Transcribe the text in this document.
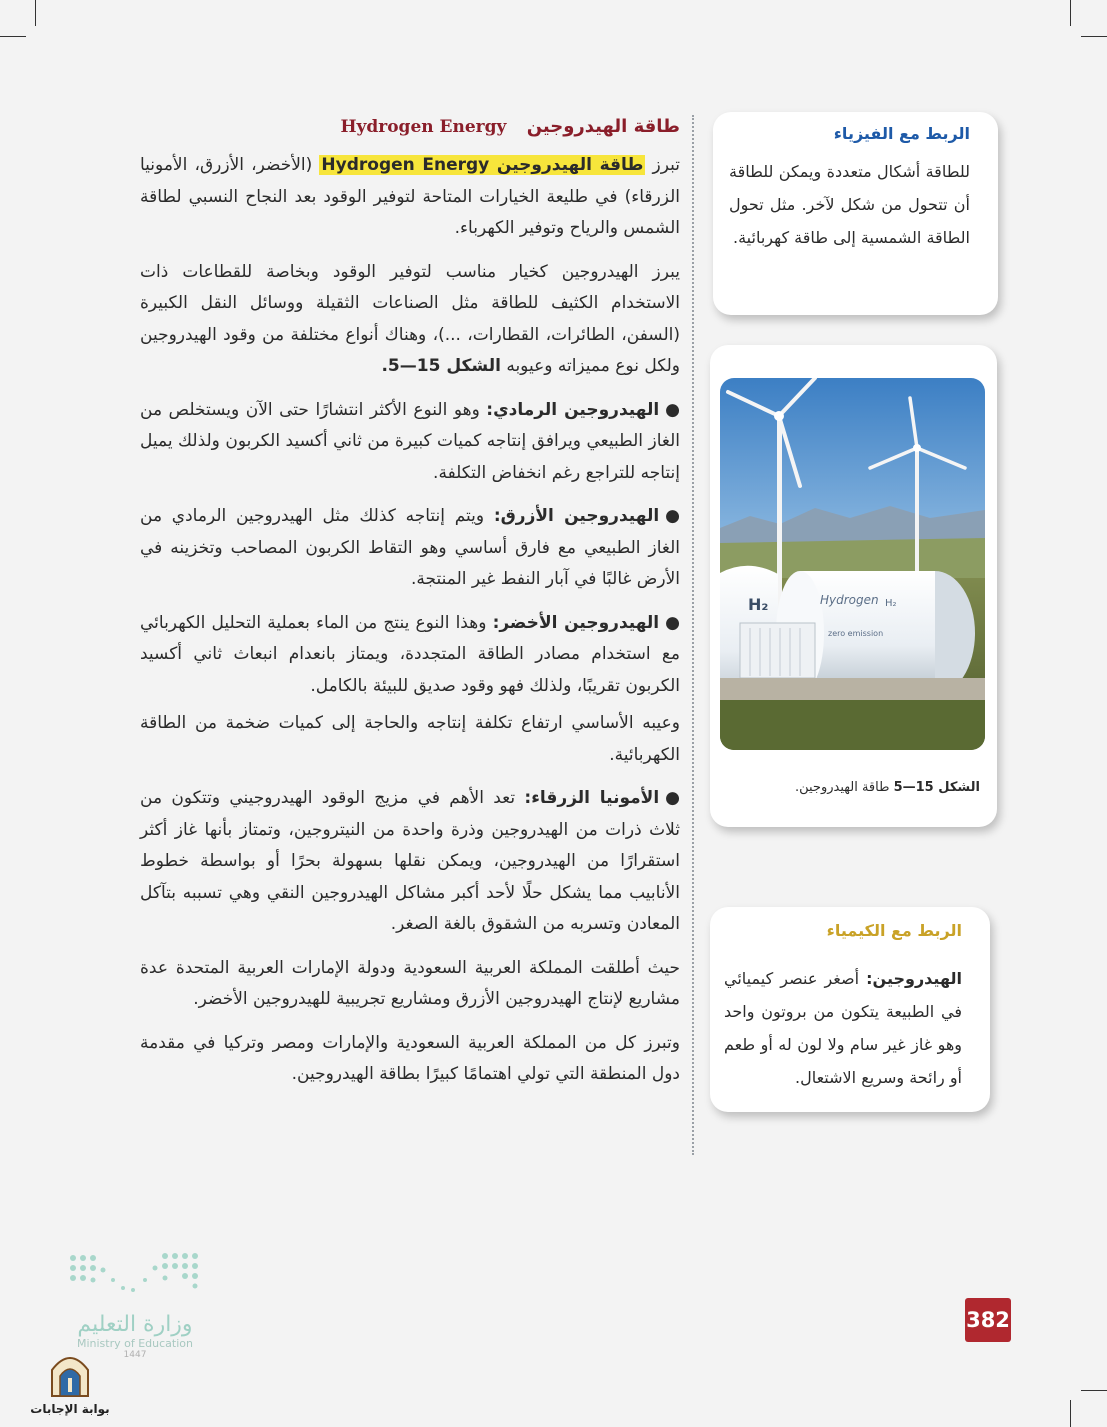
طاقة الهيدروجين Hydrogen Energy

تبرز طاقة الهيدروجين Hydrogen Energy (الأخضر، الأزرق، الأمونيا الزرقاء) في طليعة الخيارات المتاحة لتوفير الوقود بعد النجاح النسبي لطاقة الشمس والرياح وتوفير الكهرباء.

يبرز الهيدروجين كخيار مناسب لتوفير الوقود وبخاصة للقطاعات ذات الاستخدام الكثيف للطاقة مثل الصناعات الثقيلة ووسائل النقل الكبيرة (السفن، الطائرات، القطارات، ...)، وهناك أنواع مختلفة من وقود الهيدروجين ولكل نوع مميزاته وعيوبه الشكل 15—5.

●الهيدروجين الرمادي: وهو النوع الأكثر انتشارًا حتى الآن ويستخلص من الغاز الطبيعي ويرافق إنتاجه كميات كبيرة من ثاني أكسيد الكربون ولذلك يميل إنتاجه للتراجع رغم انخفاض التكلفة.

●الهيدروجين الأزرق: ويتم إنتاجه كذلك مثل الهيدروجين الرمادي من الغاز الطبيعي مع فارق أساسي وهو التقاط الكربون المصاحب وتخزينه في الأرض غالبًا في آبار النفط غير المنتجة.

●الهيدروجين الأخضر: وهذا النوع ينتج من الماء بعملية التحليل الكهربائي مع استخدام مصادر الطاقة المتجددة، ويمتاز بانعدام انبعاث ثاني أكسيد الكربون تقريبًا، ولذلك فهو وقود صديق للبيئة بالكامل.

وعيبه الأساسي ارتفاع تكلفة إنتاجه والحاجة إلى كميات ضخمة من الطاقة الكهربائية.

●الأمونيا الزرقاء: تعد الأهم في مزيج الوقود الهيدروجيني وتتكون من ثلاث ذرات من الهيدروجين وذرة واحدة من النيتروجين، وتمتاز بأنها غاز أكثر استقرارًا من الهيدروجين، ويمكن نقلها بسهولة بحرًا أو بواسطة خطوط الأنابيب مما يشكل حلًا لأحد أكبر مشاكل الهيدروجين النقي وهي تسببه بتآكل المعادن وتسربه من الشقوق بالغة الصغر.

حيث أطلقت المملكة العربية السعودية ودولة الإمارات العربية المتحدة عدة مشاريع لإنتاج الهيدروجين الأزرق ومشاريع تجريبية للهيدروجين الأخضر.

وتبرز كل من المملكة العربية السعودية والإمارات ومصر وتركيا في مقدمة دول المنطقة التي تولي اهتمامًا كبيرًا بطاقة الهيدروجين.

الربط مع الفيزياء

للطاقة أشكال متعددة ويمكن للطاقة أن تتحول من شكل لآخر. مثل تحول الطاقة الشمسية إلى طاقة كهربائية.

H₂	Hydrogen H₂
zero emission
الشكل 15—5 طاقة الهيدروجين.

الربط مع الكيمياء

الهيدروجين: أصغر عنصر كيميائي في الطبيعة يتكون من بروتون واحد وهو غاز غير سام ولا لون له أو طعم أو رائحة وسريع الاشتعال.

وزارة التعليم
Ministry of Education
1447
382
بوابة الإجابات
